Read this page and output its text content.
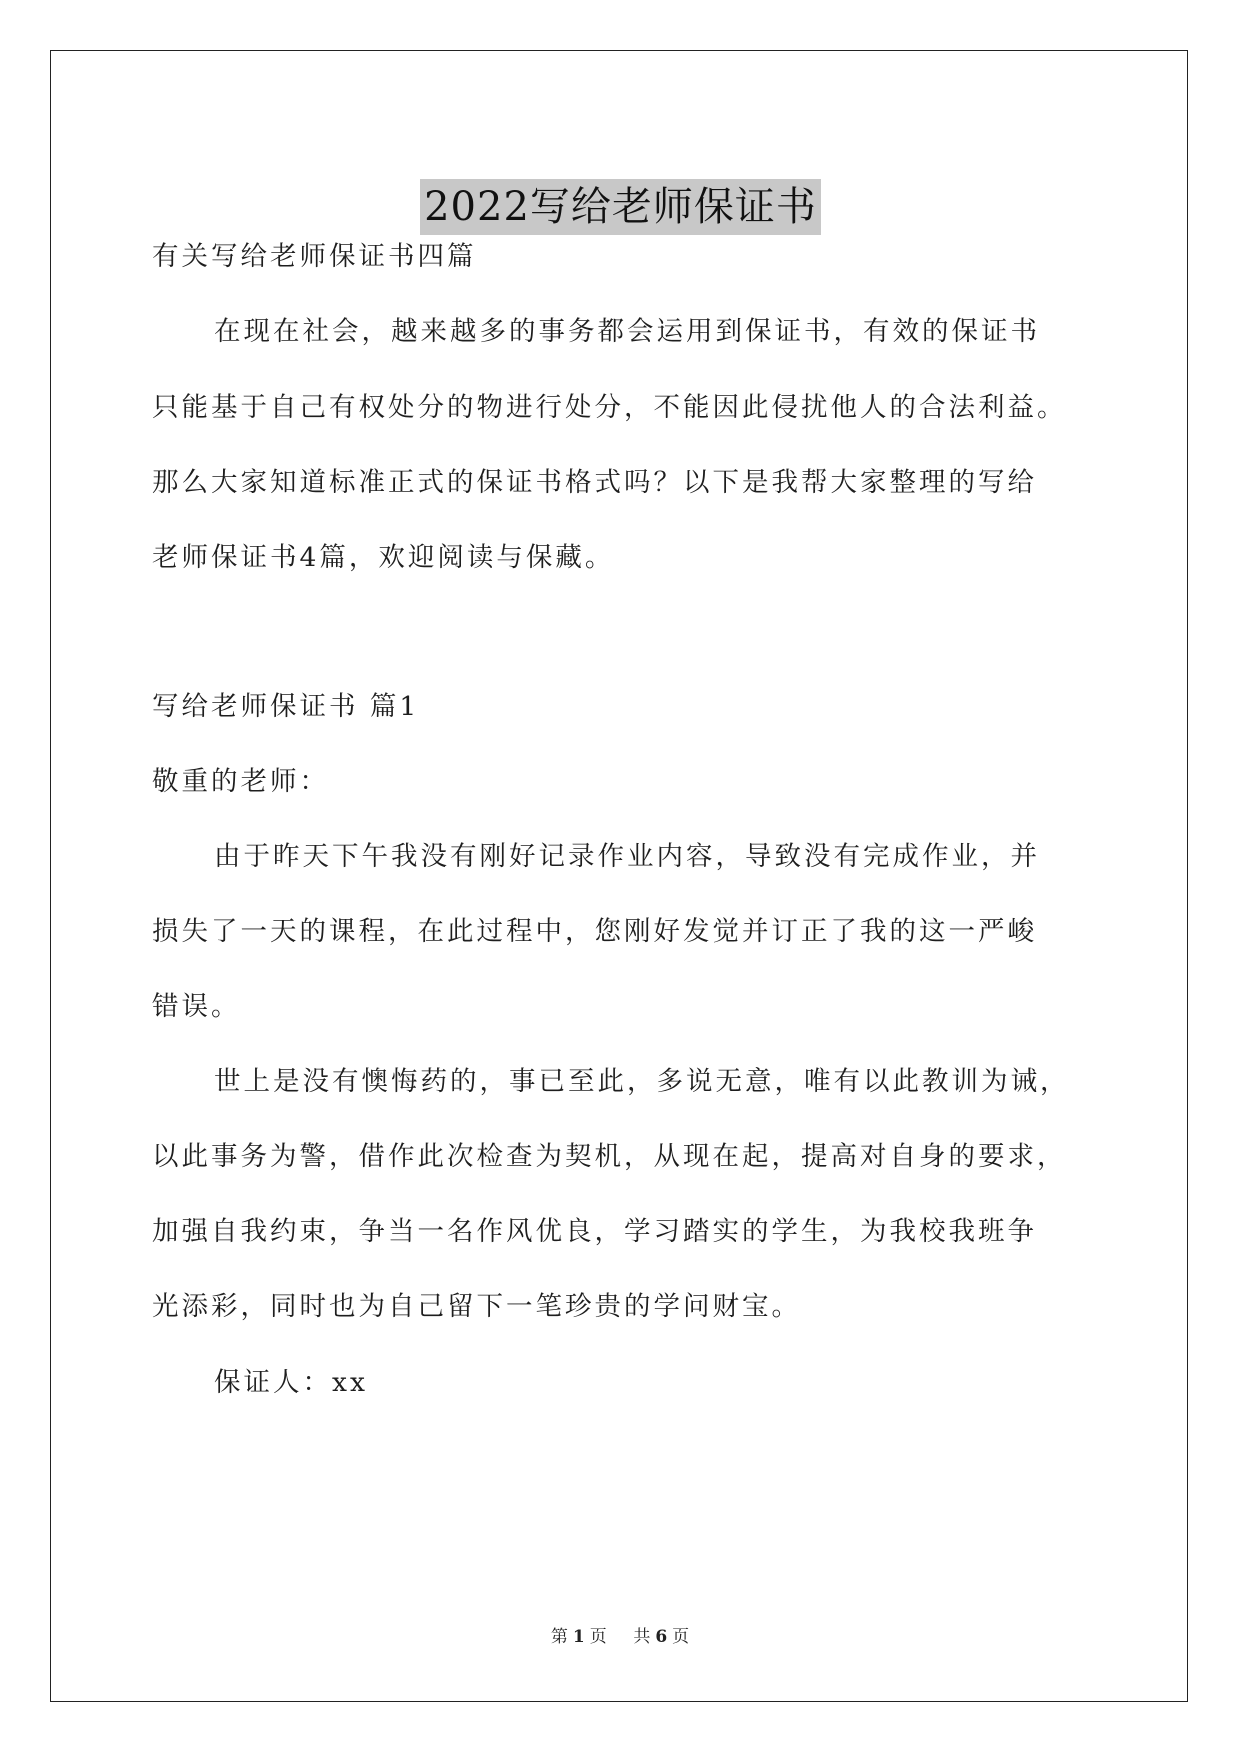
2022写给老师保证书
有关写给老师保证书四篇
在现在社会，越来越多的事务都会运用到保证书，有效的保证书
只能基于自己有权处分的物进行处分，不能因此侵扰他人的合法利益。
那么大家知道标准正式的保证书格式吗？以下是我帮大家整理的写给
老师保证书4篇，欢迎阅读与保藏。
写给老师保证书 篇1
敬重的老师：
由于昨天下午我没有刚好记录作业内容，导致没有完成作业，并
损失了一天的课程，在此过程中，您刚好发觉并订正了我的这一严峻
错误。
世上是没有懊悔药的，事已至此，多说无意，唯有以此教训为诫，
以此事务为警，借作此次检查为契机，从现在起，提高对自身的要求，
加强自我约束，争当一名作风优良，学习踏实的学生，为我校我班争
光添彩，同时也为自己留下一笔珍贵的学问财宝。
保证人：xx
第 1 页 共 6 页
